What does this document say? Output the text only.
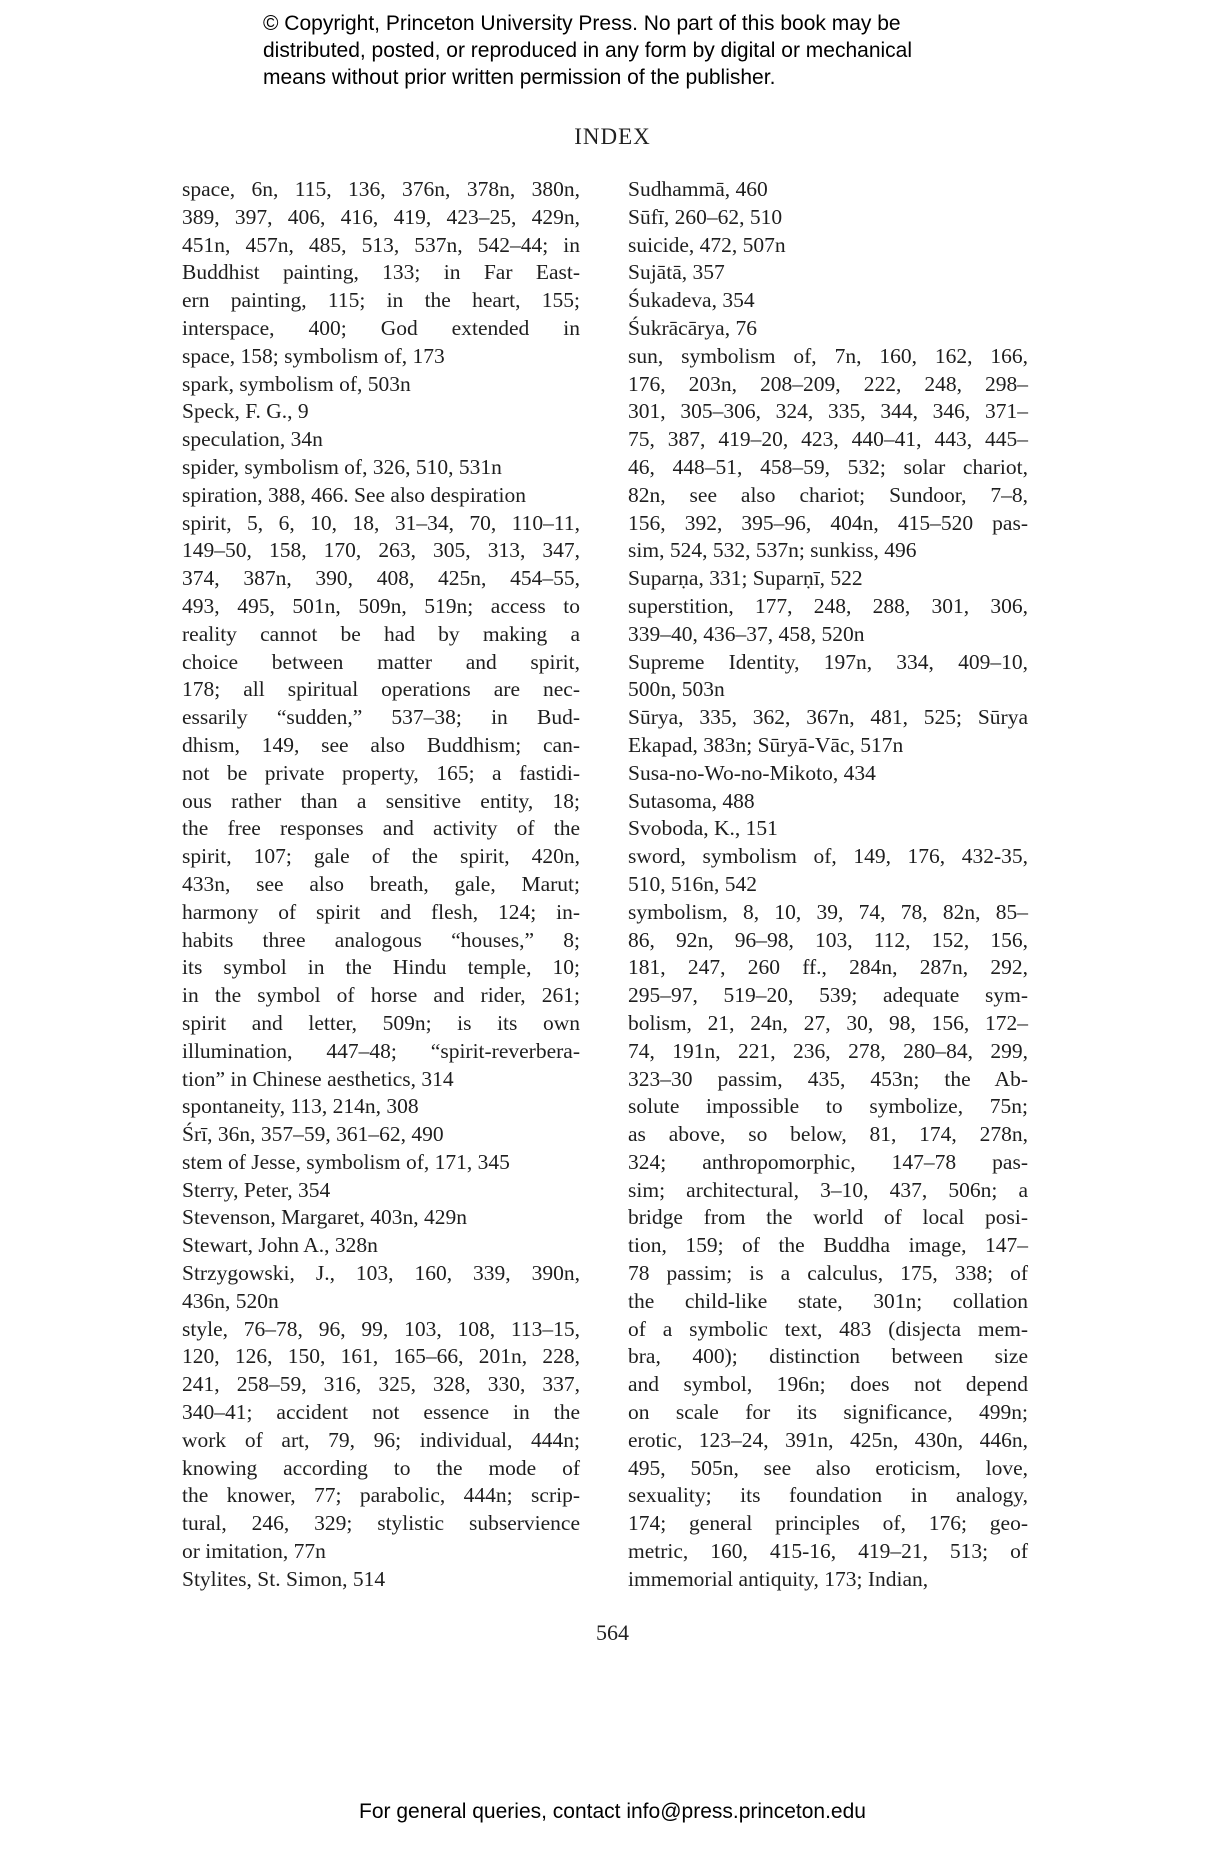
© Copyright, Princeton University Press. No part of this book may be
distributed, posted, or reproduced in any form by digital or mechanical
means without prior written permission of the publisher.
INDEX
space, 6n, 115, 136, 376n, 378n, 380n,
389, 397, 406, 416, 419, 423–25, 429n,
451n, 457n, 485, 513, 537n, 542–44; in
Buddhist painting, 133; in Far East-
ern painting, 115; in the heart, 155;
interspace, 400; God extended in
space, 158; symbolism of, 173
spark, symbolism of, 503n
Speck, F. G., 9
speculation, 34n
spider, symbolism of, 326, 510, 531n
spiration, 388, 466. See also despiration
spirit, 5, 6, 10, 18, 31–34, 70, 110–11,
149–50, 158, 170, 263, 305, 313, 347,
374, 387n, 390, 408, 425n, 454–55,
493, 495, 501n, 509n, 519n; access to
reality cannot be had by making a
choice between matter and spirit,
178; all spiritual operations are nec-
essarily “sudden,” 537–38; in Bud-
dhism, 149, see also Buddhism; can-
not be private property, 165; a fastidi-
ous rather than a sensitive entity, 18;
the free responses and activity of the
spirit, 107; gale of the spirit, 420n,
433n, see also breath, gale, Marut;
harmony of spirit and flesh, 124; in-
habits three analogous “houses,” 8;
its symbol in the Hindu temple, 10;
in the symbol of horse and rider, 261;
spirit and letter, 509n; is its own
illumination, 447–48; “spirit-reverbera-
tion” in Chinese aesthetics, 314
spontaneity, 113, 214n, 308
Śrī, 36n, 357–59, 361–62, 490
stem of Jesse, symbolism of, 171, 345
Sterry, Peter, 354
Stevenson, Margaret, 403n, 429n
Stewart, John A., 328n
Strzygowski, J., 103, 160, 339, 390n,
436n, 520n
style, 76–78, 96, 99, 103, 108, 113–15,
120, 126, 150, 161, 165–66, 201n, 228,
241, 258–59, 316, 325, 328, 330, 337,
340–41; accident not essence in the
work of art, 79, 96; individual, 444n;
knowing according to the mode of
the knower, 77; parabolic, 444n; scrip-
tural, 246, 329; stylistic subservience
or imitation, 77n
Stylites, St. Simon, 514
Sudhammā, 460
Sūfī, 260–62, 510
suicide, 472, 507n
Sujātā, 357
Śukadeva, 354
Śukrācārya, 76
sun, symbolism of, 7n, 160, 162, 166,
176, 203n, 208–209, 222, 248, 298–
301, 305–306, 324, 335, 344, 346, 371–
75, 387, 419–20, 423, 440–41, 443, 445–
46, 448–51, 458–59, 532; solar chariot,
82n, see also chariot; Sundoor, 7–8,
156, 392, 395–96, 404n, 415–520 pas-
sim, 524, 532, 537n; sunkiss, 496
Suparṇa, 331; Suparṇī, 522
superstition, 177, 248, 288, 301, 306,
339–40, 436–37, 458, 520n
Supreme Identity, 197n, 334, 409–10,
500n, 503n
Sūrya, 335, 362, 367n, 481, 525; Sūrya
Ekapad, 383n; Sūryā-Vāc, 517n
Susa-no-Wo-no-Mikoto, 434
Sutasoma, 488
Svoboda, K., 151
sword, symbolism of, 149, 176, 432-35,
510, 516n, 542
symbolism, 8, 10, 39, 74, 78, 82n, 85–
86, 92n, 96–98, 103, 112, 152, 156,
181, 247, 260 ff., 284n, 287n, 292,
295–97, 519–20, 539; adequate sym-
bolism, 21, 24n, 27, 30, 98, 156, 172–
74, 191n, 221, 236, 278, 280–84, 299,
323–30 passim, 435, 453n; the Ab-
solute impossible to symbolize, 75n;
as above, so below, 81, 174, 278n,
324; anthropomorphic, 147–78 pas-
sim; architectural, 3–10, 437, 506n; a
bridge from the world of local posi-
tion, 159; of the Buddha image, 147–
78 passim; is a calculus, 175, 338; of
the child-like state, 301n; collation
of a symbolic text, 483 (disjecta mem-
bra, 400); distinction between size
and symbol, 196n; does not depend
on scale for its significance, 499n;
erotic, 123–24, 391n, 425n, 430n, 446n,
495, 505n, see also eroticism, love,
sexuality; its foundation in analogy,
174; general principles of, 176; geo-
metric, 160, 415-16, 419–21, 513; of
immemorial antiquity, 173; Indian,
564
For general queries, contact info@press.princeton.edu
